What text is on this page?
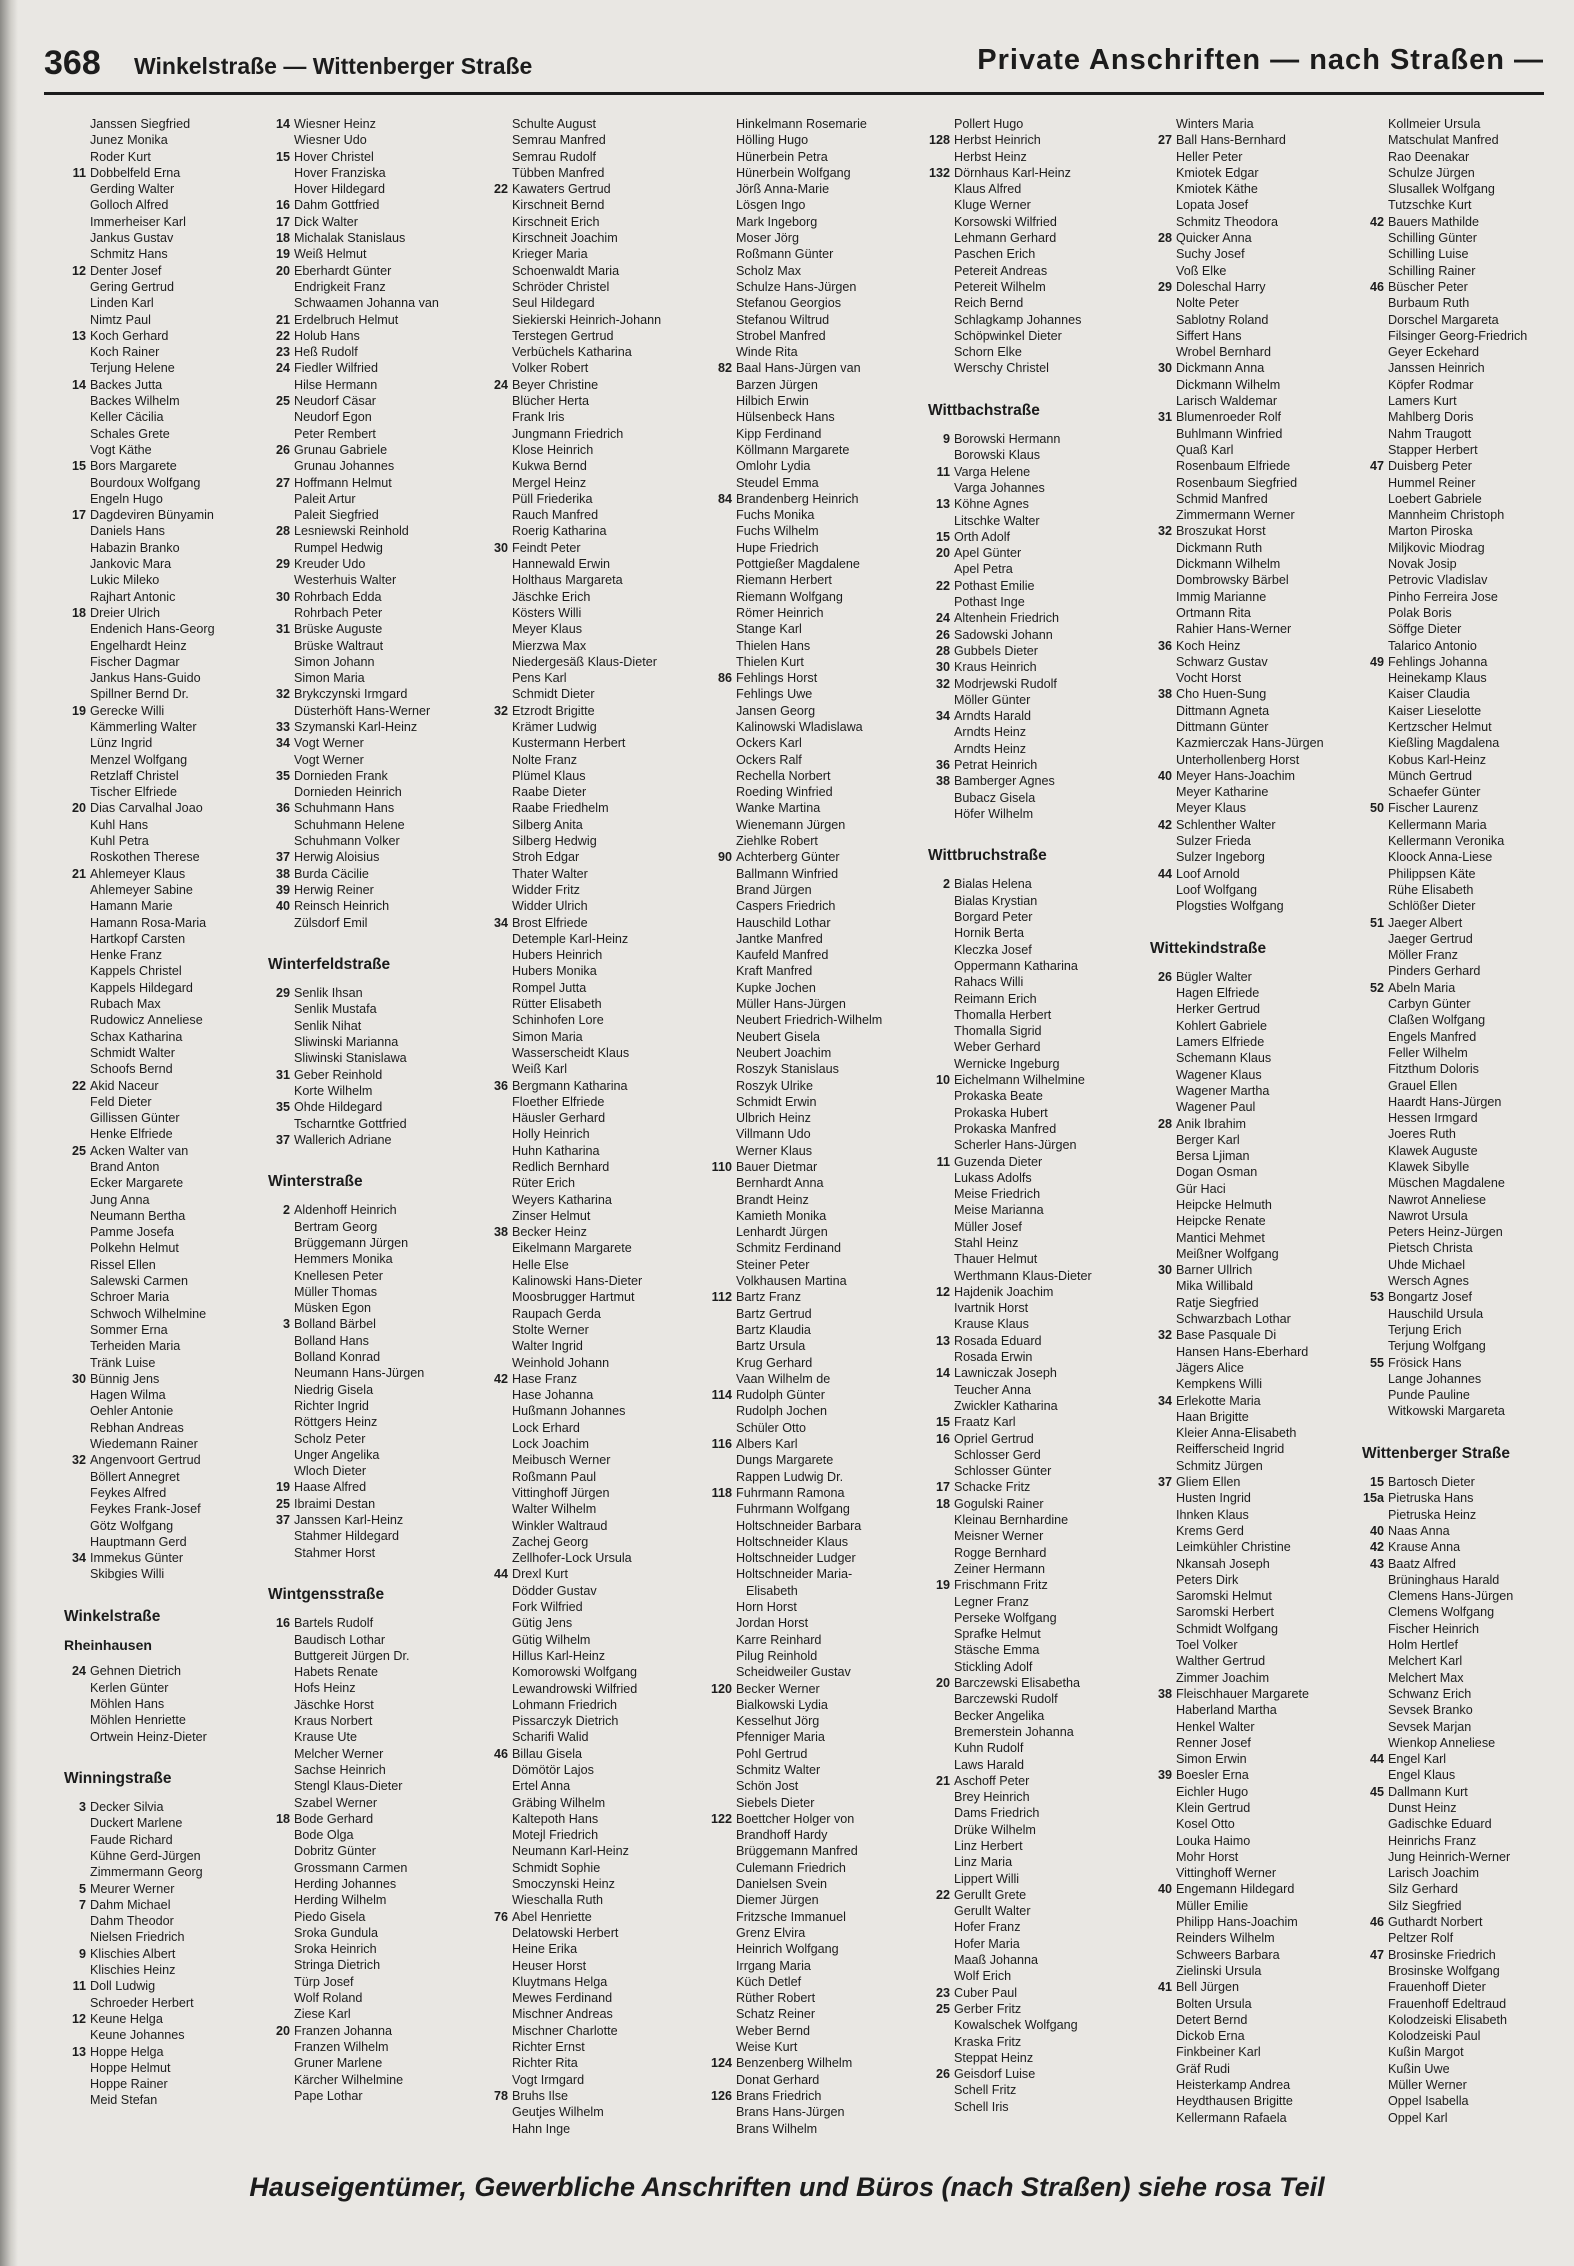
368 Winkelstraße — Wittenberger Straße	Private Anschriften — nach Straßen —
Janssen Siegfried
Junez Monika
Roder Kurt
11 Dobbelfeld Erna
Gerding Walter
Golloch Alfred
Immerheiser Karl
Jankus Gustav
Schmitz Hans
12 Denter Josef
Gering Gertrud
Linden Karl
Nimtz Paul
13 Koch Gerhard
Koch Rainer
Terjung Helene
14 Backes Jutta
Backes Wilhelm
Keller Cäcilia
Schales Grete
Vogt Käthe
15 Bors Margarete
Bourdoux Wolfgang
Engeln Hugo
17 Dagdeviren Bünyamin
Daniels Hans
Habazin Branko
Jankovic Mara
Lukic Mileko
Rajhart Antonic
18 Dreier Ulrich
Endenich Hans-Georg
Engelhardt Heinz
Fischer Dagmar
Jankus Hans-Guido
Spillner Bernd Dr.
19 Gerecke Willi
Kämmerling Walter
Lünz Ingrid
Menzel Wolfgang
Retzlaff Christel
Tischer Elfriede
20 Dias Carvalhal Joao
Kuhl Hans
Kuhl Petra
Roskothen Therese
21 Ahlemeyer Klaus
Ahlemeyer Sabine
Hamann Marie
Hamann Rosa-Maria
Hartkopf Carsten
Henke Franz
Kappels Christel
Kappels Hildegard
Rubach Max
Rudowicz Anneliese
Schax Katharina
Schmidt Walter
Schoofs Bernd
22 Akid Naceur
Feld Dieter
Gillissen Günter
Henke Elfriede
25 Acken Walter van
Brand Anton
Ecker Margarete
Jung Anna
Neumann Bertha
Pamme Josefa
Polkehn Helmut
Rissel Ellen
Salewski Carmen
Schroer Maria
Schwoch Wilhelmine
Sommer Erna
Terheiden Maria
Tränk Luise
30 Bünnig Jens
Hagen Wilma
Oehler Antonie
Rebhan Andreas
Wiedemann Rainer
32 Angenvoort Gertrud
Böllert Annegret
Feykes Alfred
Feykes Frank-Josef
Götz Wolfgang
Hauptmann Gerd
34 Immekus Günter
Skibgies Willi
Winkelstraße
Rheinhausen
24 Gehnen Dietrich
Kerlen Günter
Möhlen Hans
Möhlen Henriette
Ortwein Heinz-Dieter
Winningstraße
3 Decker Silvia
Duckert Marlene
Faude Richard
Kühne Gerd-Jürgen
Zimmermann Georg
5 Meurer Werner
7 Dahm Michael
Dahm Theodor
Nielsen Friedrich
9 Klischies Albert
Klischies Heinz
11 Doll Ludwig
Schroeder Herbert
12 Keune Helga
Keune Johannes
13 Hoppe Helga
Hoppe Helmut
Hoppe Rainer
Meid Stefan
14 Wiesner Heinz
Wiesner Udo
15 Hover Christel
Hover Franziska
Hover Hildegard
16 Dahm Gottfried
17 Dick Walter
18 Michalak Stanislaus
19 Weiß Helmut
20 Eberhardt Günter
Endrigkeit Franz
Schwaamen Johanna van
21 Erdelbruch Helmut
22 Holub Hans
23 Heß Rudolf
24 Fiedler Wilfried
Hilse Hermann
25 Neudorf Cäsar
Neudorf Egon
Peter Rembert
26 Grunau Gabriele
Grunau Johannes
27 Hoffmann Helmut
Paleit Artur
Paleit Siegfried
28 Lesniewski Reinhold
Rumpel Hedwig
29 Kreuder Udo
Westerhuis Walter
30 Rohrbach Edda
Rohrbach Peter
31 Brüske Auguste
Brüske Waltraut
Simon Johann
Simon Maria
32 Brykczynski Irmgard
Düsterhöft Hans-Werner
33 Szymanski Karl-Heinz
34 Vogt Werner
Vogt Werner
35 Dornieden Frank
Dornieden Heinrich
36 Schuhmann Hans
Schuhmann Helene
Schuhmann Volker
37 Herwig Aloisius
38 Burda Cäcilie
39 Herwig Reiner
40 Reinsch Heinrich
Zülsdorf Emil
Winterfeldstraße
29 Senlik Ihsan
Senlik Mustafa
Senlik Nihat
Sliwinski Marianna
Sliwinski Stanislawa
31 Geber Reinhold
Korte Wilhelm
35 Ohde Hildegard
Tscharntke Gottfried
37 Wallerich Adriane
Winterstraße
2 Aldenhoff Heinrich
Bertram Georg
Brüggemann Jürgen
Hemmers Monika
Knellesen Peter
Müller Thomas
Müsken Egon
3 Bolland Bärbel
Bolland Hans
Bolland Konrad
Neumann Hans-Jürgen
Niedrig Gisela
Richter Ingrid
Röttgers Heinz
Scholz Peter
Unger Angelika
Wloch Dieter
19 Haase Alfred
25 Ibraimi Destan
37 Janssen Karl-Heinz
Stahmer Hildegard
Stahmer Horst
Wintgensstraße
16 Bartels Rudolf
Baudisch Lothar
Buttgereit Jürgen Dr.
Habets Renate
Hofs Heinz
Jäschke Horst
Kraus Norbert
Krause Ute
Melcher Werner
Sachse Heinrich
Stengl Klaus-Dieter
Szabel Werner
18 Bode Gerhard
Bode Olga
Dobritz Günter
Grossmann Carmen
Herding Johannes
Herding Wilhelm
Piedo Gisela
Sroka Gundula
Sroka Heinrich
Stringa Dietrich
Türp Josef
Wolf Roland
Ziese Karl
20 Franzen Johanna
Franzen Wilhelm
Gruner Marlene
Kärcher Wilhelmine
Pape Lothar
Schulte August
Semrau Manfred
Semrau Rudolf
Tübben Manfred
22 Kawaters Gertrud
Kirschneit Bernd
Kirschneit Erich
Kirschneit Joachim
Krieger Maria
Schoenwaldt Maria
Schröder Christel
Seul Hildegard
Siekierski Heinrich-Johann
Terstegen Gertrud
Verbüchels Katharina
Volker Robert
24 Beyer Christine
Blücher Herta
Frank Iris
Jungmann Friedrich
Klose Heinrich
Kukwa Bernd
Mergel Heinz
Püll Friederika
Rauch Manfred
Roerig Katharina
30 Feindt Peter
Hannewald Erwin
Holthaus Margareta
Jäschke Erich
Kösters Willi
Meyer Klaus
Mierzwa Max
Niedergesäß Klaus-Dieter
Pens Karl
Schmidt Dieter
32 Etzrodt Brigitte
Krämer Ludwig
Kustermann Herbert
Nolte Franz
Plümel Klaus
Raabe Dieter
Raabe Friedhelm
Silberg Anita
Silberg Hedwig
Stroh Edgar
Thater Walter
Widder Fritz
Widder Ulrich
34 Brost Elfriede
Detemple Karl-Heinz
Hubers Heinrich
Hubers Monika
Rompel Jutta
Rütter Elisabeth
Schinhofen Lore
Simon Maria
Wasserscheidt Klaus
Weiß Karl
36 Bergmann Katharina
Floether Elfriede
Häusler Gerhard
Holly Heinrich
Huhn Katharina
Redlich Bernhard
Rüter Erich
Weyers Katharina
Zinser Helmut
38 Becker Heinz
Eikelmann Margarete
Helle Else
Kalinowski Hans-Dieter
Moosbrugger Hartmut
Raupach Gerda
Stolte Werner
Walter Ingrid
Weinhold Johann
42 Hase Franz
Hase Johanna
Hußmann Johannes
Lock Erhard
Lock Joachim
Meibusch Werner
Roßmann Paul
Vittinghoff Jürgen
Walter Wilhelm
Winkler Waltraud
Zachej Georg
Zellhofer-Lock Ursula
44 Drexl Kurt
Dödder Gustav
Fork Wilfried
Gütig Jens
Gütig Wilhelm
Hillus Karl-Heinz
Komorowski Wolfgang
Lewandrowski Wilfried
Lohmann Friedrich
Pissarczyk Dietrich
Scharifi Walid
46 Billau Gisela
Dömötör Lajos
Ertel Anna
Gräbing Wilhelm
Kaltepoth Hans
Motejl Friedrich
Neumann Karl-Heinz
Schmidt Sophie
Smoczynski Heinz
Wieschalla Ruth
76 Abel Henriette
Delatowski Herbert
Heine Erika
Heuser Horst
Kluytmans Helga
Mewes Ferdinand
Mischner Andreas
Mischner Charlotte
Richter Ernst
Richter Rita
Vogt Irmgard
78 Bruhs Ilse
Geutjes Wilhelm
Hahn Inge
Hinkelmann Rosemarie
Hölling Hugo
Hünerbein Petra
Hünerbein Wolfgang
Jörß Anna-Marie
Lösgen Ingo
Mark Ingeborg
Moser Jörg
Roßmann Günter
Scholz Max
Schulze Hans-Jürgen
Stefanou Georgios
Stefanou Wiltrud
Strobel Manfred
Winde Rita
82 Baal Hans-Jürgen van
Barzen Jürgen
Hilbich Erwin
Hülsenbeck Hans
Kipp Ferdinand
Köllmann Margarete
Omlohr Lydia
Steudel Emma
84 Brandenberg Heinrich
Fuchs Monika
Fuchs Wilhelm
Hupe Friedrich
Pottgießer Magdalene
Riemann Herbert
Riemann Wolfgang
Römer Heinrich
Stange Karl
Thielen Hans
Thielen Kurt
86 Fehlings Horst
Fehlings Uwe
Jansen Georg
Kalinowski Wladislawa
Ockers Karl
Ockers Ralf
Rechella Norbert
Roeding Winfried
Wanke Martina
Wienemann Jürgen
Ziehlke Robert
90 Achterberg Günter
Ballmann Winfried
Brand Jürgen
Caspers Friedrich
Hauschild Lothar
Jantke Manfred
Kaufeld Manfred
Kraft Manfred
Kupke Jochen
Müller Hans-Jürgen
Neubert Friedrich-Wilhelm
Neubert Gisela
Neubert Joachim
Roszyk Stanislaus
Roszyk Ulrike
Schmidt Erwin
Ulbrich Heinz
Villmann Udo
Werner Klaus
110 Bauer Dietmar
Bernhardt Anna
Brandt Heinz
Kamieth Monika
Lenhardt Jürgen
Schmitz Ferdinand
Steiner Peter
Volkhausen Martina
112 Bartz Franz
Bartz Gertrud
Bartz Klaudia
Bartz Ursula
Krug Gerhard
Vaan Wilhelm de
114 Rudolph Günter
Rudolph Jochen
Schüler Otto
116 Albers Karl
Dungs Margarete
Rappen Ludwig Dr.
118 Fuhrmann Ramona
Fuhrmann Wolfgang
Holtschneider Barbara
Holtschneider Klaus
Holtschneider Ludger
Holtschneider Maria-
Elisabeth
Horn Horst
Jordan Horst
Karre Reinhard
Pilug Reinhold
Scheidweiler Gustav
120 Becker Werner
Bialkowski Lydia
Kesselhut Jörg
Pfenniger Maria
Pohl Gertrud
Schmitz Walter
Schön Jost
Siebels Dieter
122 Boettcher Holger von
Brandhoff Hardy
Brüggemann Manfred
Culemann Friedrich
Danielsen Svein
Diemer Jürgen
Fritzsche Immanuel
Grenz Elvira
Heinrich Wolfgang
Irrgang Maria
Küch Detlef
Rüther Robert
Schatz Reiner
Weber Bernd
Weise Kurt
124 Benzenberg Wilhelm
Donat Gerhard
126 Brans Friedrich
Brans Hans-Jürgen
Brans Wilhelm
Pollert Hugo
128 Herbst Heinrich
Herbst Heinz
132 Dörnhaus Karl-Heinz
Klaus Alfred
Kluge Werner
Korsowski Wilfried
Lehmann Gerhard
Paschen Erich
Petereit Andreas
Petereit Wilhelm
Reich Bernd
Schlagkamp Johannes
Schöpwinkel Dieter
Schorn Elke
Werschy Christel
Wittbachstraße
9 Borowski Hermann
Borowski Klaus
11 Varga Helene
Varga Johannes
13 Köhne Agnes
Litschke Walter
15 Orth Adolf
20 Apel Günter
Apel Petra
22 Pothast Emilie
Pothast Inge
24 Altenhein Friedrich
26 Sadowski Johann
28 Gubbels Dieter
30 Kraus Heinrich
32 Modrjewski Rudolf
Möller Günter
34 Arndts Harald
Arndts Heinz
Arndts Heinz
36 Petrat Heinrich
38 Bamberger Agnes
Bubacz Gisela
Höfer Wilhelm
Wittbruchstraße
2 Bialas Helena
Bialas Krystian
Borgard Peter
Hornik Berta
Kleczka Josef
Oppermann Katharina
Rahacs Willi
Reimann Erich
Thomalla Herbert
Thomalla Sigrid
Weber Gerhard
Wernicke Ingeburg
10 Eichelmann Wilhelmine
Prokaska Beate
Prokaska Hubert
Prokaska Manfred
Scherler Hans-Jürgen
11 Guzenda Dieter
Lukass Adolfs
Meise Friedrich
Meise Marianna
Müller Josef
Stahl Heinz
Thauer Helmut
Werthmann Klaus-Dieter
12 Hajdenik Joachim
Ivartnik Horst
Krause Klaus
13 Rosada Eduard
Rosada Erwin
14 Lawniczak Joseph
Teucher Anna
Zwickler Katharina
15 Fraatz Karl
16 Opriel Gertrud
Schlosser Gerd
Schlosser Günter
17 Schacke Fritz
18 Gogulski Rainer
Kleinau Bernhardine
Meisner Werner
Rogge Bernhard
Zeiner Hermann
19 Frischmann Fritz
Legner Franz
Perseke Wolfgang
Sprafke Helmut
Stäsche Emma
Stickling Adolf
20 Barczewski Elisabetha
Barczewski Rudolf
Becker Angelika
Bremerstein Johanna
Kuhn Rudolf
Laws Harald
21 Aschoff Peter
Brey Heinrich
Dams Friedrich
Drüke Wilhelm
Linz Herbert
Linz Maria
Lippert Willi
22 Gerullt Grete
Gerullt Walter
Hofer Franz
Hofer Maria
Maaß Johanna
Wolf Erich
23 Cuber Paul
25 Gerber Fritz
Kowalschek Wolfgang
Kraska Fritz
Steppat Heinz
26 Geisdorf Luise
Schell Fritz
Schell Iris
Winters Maria
27 Ball Hans-Bernhard
Heller Peter
Kmiotek Edgar
Kmiotek Käthe
Lopata Josef
Schmitz Theodora
28 Quicker Anna
Suchy Josef
Voß Elke
29 Doleschal Harry
Nolte Peter
Sablotny Roland
Siffert Hans
Wrobel Bernhard
30 Dickmann Anna
Dickmann Wilhelm
Larisch Waldemar
31 Blumenroeder Rolf
Buhlmann Winfried
Quaß Karl
Rosenbaum Elfriede
Rosenbaum Siegfried
Schmid Manfred
Zimmermann Werner
32 Broszukat Horst
Dickmann Ruth
Dickmann Wilhelm
Dombrowsky Bärbel
Immig Marianne
Ortmann Rita
Rahier Hans-Werner
36 Koch Heinz
Schwarz Gustav
Vocht Horst
38 Cho Huen-Sung
Dittmann Agneta
Dittmann Günter
Kazmierczak Hans-Jürgen
Unterhollenberg Horst
40 Meyer Hans-Joachim
Meyer Katharine
Meyer Klaus
42 Schlenther Walter
Sulzer Frieda
Sulzer Ingeborg
44 Loof Arnold
Loof Wolfgang
Plogsties Wolfgang
Wittekindstraße
26 Bügler Walter
Hagen Elfriede
Herker Gertrud
Kohlert Gabriele
Lamers Elfriede
Schemann Klaus
Wagener Klaus
Wagener Martha
Wagener Paul
28 Anik Ibrahim
Berger Karl
Bersa Ljiman
Dogan Osman
Gür Haci
Heipcke Helmuth
Heipcke Renate
Mantici Mehmet
Meißner Wolfgang
30 Barner Ullrich
Mika Willibald
Ratje Siegfried
Schwarzbach Lothar
32 Base Pasquale Di
Hansen Hans-Eberhard
Jägers Alice
Kempkens Willi
34 Erlekotte Maria
Haan Brigitte
Kleier Anna-Elisabeth
Reifferscheid Ingrid
Schmitz Jürgen
37 Gliem Ellen
Husten Ingrid
Ihnken Klaus
Krems Gerd
Leimkühler Christine
Nkansah Joseph
Peters Dirk
Saromski Helmut
Saromski Herbert
Schmidt Wolfgang
Toel Volker
Walther Gertrud
Zimmer Joachim
38 Fleischhauer Margarete
Haberland Martha
Henkel Walter
Renner Josef
Simon Erwin
39 Boesler Erna
Eichler Hugo
Klein Gertrud
Kosel Otto
Louka Haimo
Mohr Horst
Vittinghoff Werner
40 Engemann Hildegard
Müller Emilie
Philipp Hans-Joachim
Reinders Wilhelm
Schweers Barbara
Zielinski Ursula
41 Bell Jürgen
Bolten Ursula
Detert Bernd
Dickob Erna
Finkbeiner Karl
Gräf Rudi
Heisterkamp Andrea
Heydthausen Brigitte
Kellermann Rafaela
Kollmeier Ursula
Matschulat Manfred
Rao Deenakar
Schulze Jürgen
Slusallek Wolfgang
Tutzschke Kurt
42 Bauers Mathilde
Schilling Günter
Schilling Luise
Schilling Rainer
46 Büscher Peter
Burbaum Ruth
Dorschel Margareta
Filsinger Georg-Friedrich
Geyer Eckehard
Janssen Heinrich
Köpfer Rodmar
Lamers Kurt
Mahlberg Doris
Nahm Traugott
Stapper Herbert
47 Duisberg Peter
Hummel Reiner
Loebert Gabriele
Mannheim Christoph
Marton Piroska
Miljkovic Miodrag
Novak Josip
Petrovic Vladislav
Pinho Ferreira Jose
Polak Boris
Söffge Dieter
Talarico Antonio
49 Fehlings Johanna
Heinekamp Klaus
Kaiser Claudia
Kaiser Lieselotte
Kertzscher Helmut
Kießling Magdalena
Kobus Karl-Heinz
Münch Gertrud
Schaefer Günter
50 Fischer Laurenz
Kellermann Maria
Kellermann Veronika
Kloock Anna-Liese
Philippsen Käte
Rühe Elisabeth
Schlößer Dieter
51 Jaeger Albert
Jaeger Gertrud
Möller Franz
Pinders Gerhard
52 Abeln Maria
Carbyn Günter
Claßen Wolfgang
Engels Manfred
Feller Wilhelm
Fitzthum Doloris
Grauel Ellen
Haardt Hans-Jürgen
Hessen Irmgard
Joeres Ruth
Klawek Auguste
Klawek Sibylle
Müschen Magdalene
Nawrot Anneliese
Nawrot Ursula
Peters Heinz-Jürgen
Pietsch Christa
Uhde Michael
Wersch Agnes
53 Bongartz Josef
Hauschild Ursula
Terjung Erich
Terjung Wolfgang
55 Frösick Hans
Lange Johannes
Punde Pauline
Witkowski Margareta
Wittenberger Straße
15 Bartosch Dieter
15a Pietruska Hans
Pietruska Heinz
40 Naas Anna
42 Krause Anna
43 Baatz Alfred
Brüninghaus Harald
Clemens Hans-Jürgen
Clemens Wolfgang
Fischer Heinrich
Holm Hertlef
Melchert Karl
Melchert Max
Schwanz Erich
Sevsek Branko
Sevsek Marjan
Wienkop Anneliese
44 Engel Karl
Engel Klaus
45 Dallmann Kurt
Dunst Heinz
Gadischke Eduard
Heinrichs Franz
Jung Heinrich-Werner
Larisch Joachim
Silz Gerhard
Silz Siegfried
46 Guthardt Norbert
Peltzer Rolf
47 Brosinske Friedrich
Brosinske Wolfgang
Frauenhoff Dieter
Frauenhoff Edeltraud
Kolodzeiski Elisabeth
Kolodzeiski Paul
Kußin Margot
Kußin Uwe
Müller Werner
Oppel Isabella
Oppel Karl
Hauseigentümer, Gewerbliche Anschriften und Büros (nach Straßen) siehe rosa Teil
